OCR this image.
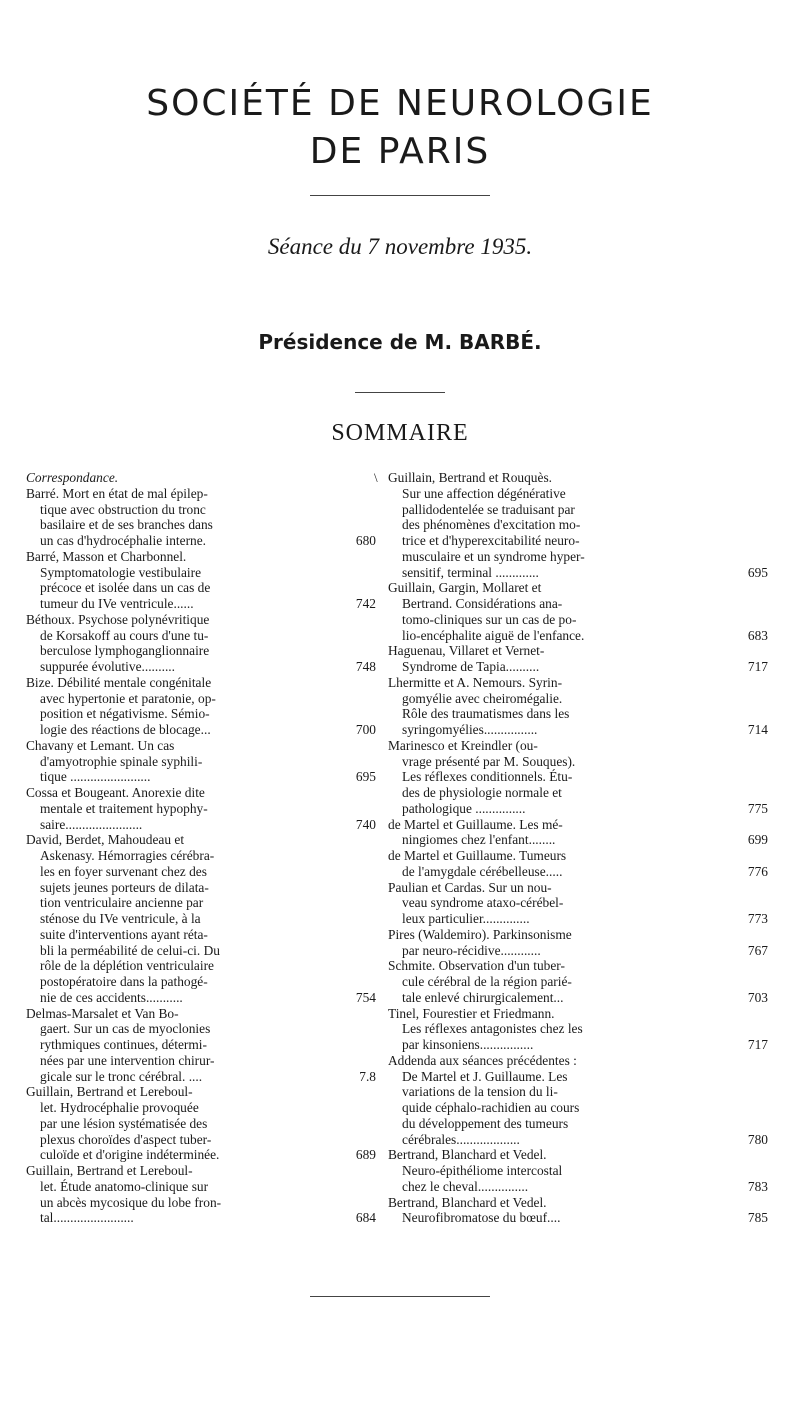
SOCIÉTÉ DE NEUROLOGIE
DE PARIS
Séance du 7 novembre 1935.
Présidence de M. BARBÉ.
SOMMAIRE
Correspondance.
Barré. Mort en état de mal épilep-
tique avec obstruction du tronc
basilaire et de ses branches dans
un cas d'hydrocéphalie interne.	680
Barré, Masson et Charbonnel.
Symptomatologie vestibulaire
précoce et isolée dans un cas de
tumeur du IVe ventricule......	742
Béthoux. Psychose polynévritique
de Korsakoff au cours d'une tu-
berculose lymphoganglionnaire
suppurée évolutive..........	748
Bize. Débilité mentale congénitale
avec hypertonie et paratonie, op-
position et négativisme. Sémio-
logie des réactions de blocage...	700
Chavany et Lemant. Un cas
d'amyotrophie spinale syphili-
tique ........................	695
Cossa et Bougeant. Anorexie dite
mentale et traitement hypophy-
saire.......................	740
David, Berdet, Mahoudeau et
Askenasy. Hémorragies cérébra-
les en foyer survenant chez des
sujets jeunes porteurs de dilata-
tion ventriculaire ancienne par
sténose du IVe ventricule, à la
suite d'interventions ayant réta-
bli la perméabilité de celui-ci. Du
rôle de la déplétion ventriculaire
postopératoire dans la pathogé-
nie de ces accidents...........	754
Delmas-Marsalet et Van Bo-
gaert. Sur un cas de myoclonies
rythmiques continues, détermi-
nées par une intervention chirur-
gicale sur le tronc cérébral. ....	7.8
Guillain, Bertrand et Lereboul-
let. Hydrocéphalie provoquée
par une lésion systématisée des
plexus choroïdes d'aspect tuber-
culoïde et d'origine indéterminée.	689
Guillain, Bertrand et Lereboul-
let. Étude anatomo-clinique sur
un abcès mycosique du lobe fron-
tal........................	684
\ Guillain, Bertrand et Rouquès.
Sur une affection dégénérative
pallidodentelée se traduisant par
des phénomènes d'excitation mo-
trice et d'hyperexcitabilité neuro-
musculaire et un syndrome hyper-
sensitif, terminal .............	695
Guillain, Gargin, Mollaret et
Bertrand. Considérations ana-
tomo-cliniques sur un cas de po-
lio-encéphalite aiguë de l'enfance.	683
Haguenau, Villaret et Vernet-
Syndrome de Tapia..........	717
Lhermitte et A. Nemours. Syrin-
gomyélie avec cheiromégalie.
Rôle des traumatismes dans les
syringomyélies................	714
Marinesco et Kreindler (ou-
vrage présenté par M. Souques).
Les réflexes conditionnels. Étu-
des de physiologie normale et
pathologique ...............	775
de Martel et Guillaume. Les mé-
ningiomes chez l'enfant........	699
de Martel et Guillaume. Tumeurs
de l'amygdale cérébelleuse.....	776
Paulian et Cardas. Sur un nou-
veau syndrome ataxo-cérébel-
leux particulier..............	773
Pires (Waldemiro). Parkinsonisme
par neuro-récidive............	767
Schmite. Observation d'un tuber-
cule cérébral de la région parié-
tale enlevé chirurgicalement...	703
Tinel, Fourestier et Friedmann.
Les réflexes antagonistes chez les
par kinsoniens................	717
Addenda aux séances précédentes :
De Martel et J. Guillaume. Les
variations de la tension du li-
quide céphalo-rachidien au cours
du développement des tumeurs
cérébrales...................	780
Bertrand, Blanchard et Vedel.
Neuro-épithéliome intercostal
chez le cheval...............	783
Bertrand, Blanchard et Vedel.
Neurofibromatose du bœuf....	785
